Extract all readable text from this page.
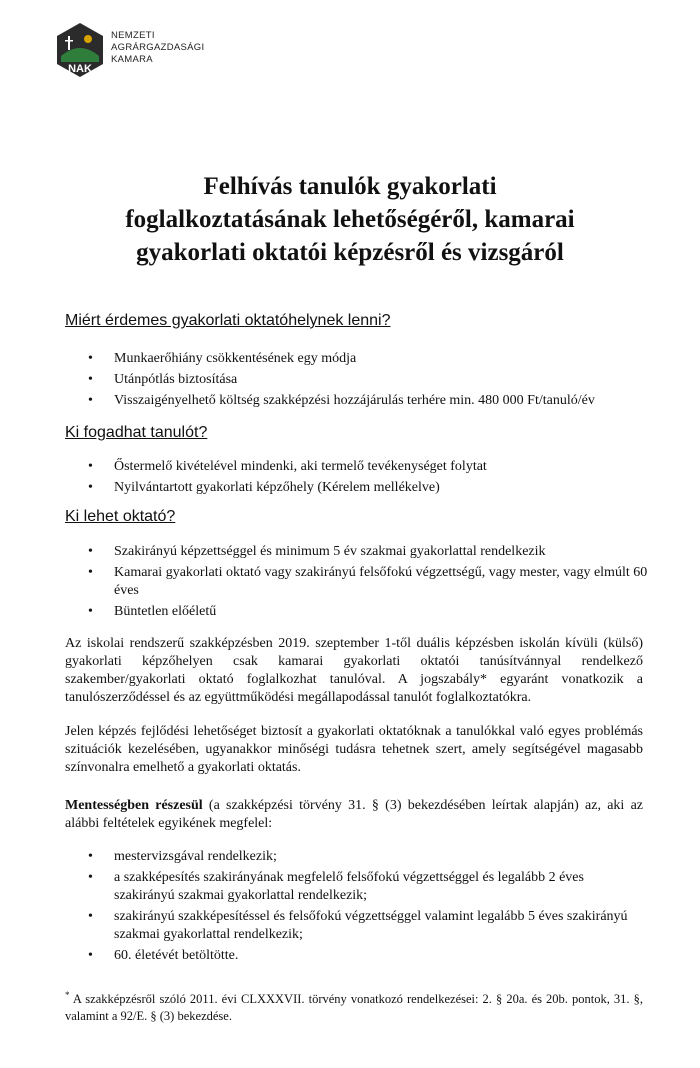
NAK
NEMZETI
AGRÁRGAZDASÁGI
KAMARA
Felhívás tanulók gyakorlati
foglalkoztatásának lehetőségéről, kamarai
gyakorlati oktatói képzésről és vizsgáról
Miért érdemes gyakorlati oktatóhelynek lenni?
• Munkaerőhiány csökkentésének egy módja
• Utánpótlás biztosítása
• Visszaigényelhető költség szakképzési hozzájárulás terhére min. 480 000 Ft/tanuló/év
Ki fogadhat tanulót?
• Őstermelő kivételével mindenki, aki termelő tevékenységet folytat
• Nyilvántartott gyakorlati képzőhely (Kérelem mellékelve)
Ki lehet oktató?
• Szakirányú képzettséggel és minimum 5 év szakmai gyakorlattal rendelkezik
• Kamarai gyakorlati oktató vagy szakirányú felsőfokú végzettségű, vagy mester, vagy elmúlt 60 éves
• Büntetlen előéletű
Az iskolai rendszerű szakképzésben 2019. szeptember 1-től duális képzésben iskolán kívüli (külső) gyakorlati képzőhelyen csak kamarai gyakorlati oktatói tanúsítvánnyal rendelkező szakember/gyakorlati oktató foglalkozhat tanulóval. A jogszabály* egyaránt vonatkozik a tanulószerződéssel és az együttműködési megállapodással tanulót foglalkoztatókra.
Jelen képzés fejlődési lehetőséget biztosít a gyakorlati oktatóknak a tanulókkal való egyes problémás szituációk kezelésében, ugyanakkor minőségi tudásra tehetnek szert, amely segítségével magasabb színvonalra emelhető a gyakorlati oktatás.
Mentességben részesül (a szakképzési törvény 31. § (3) bekezdésében leírtak alapján) az, aki az alábbi feltételek egyikének megfelel:
• mestervizsgával rendelkezik;
• a szakképesítés szakirányának megfelelő felsőfokú végzettséggel és legalább 2 éves szakirányú szakmai gyakorlattal rendelkezik;
• szakirányú szakképesítéssel és felsőfokú végzettséggel valamint legalább 5 éves szakirányú szakmai gyakorlattal rendelkezik;
• 60. életévét betöltötte.
* A szakképzésről szóló 2011. évi CLXXXVII. törvény vonatkozó rendelkezései: 2. § 20a. és 20b. pontok, 31. §, valamint a 92/E. § (3) bekezdése.
